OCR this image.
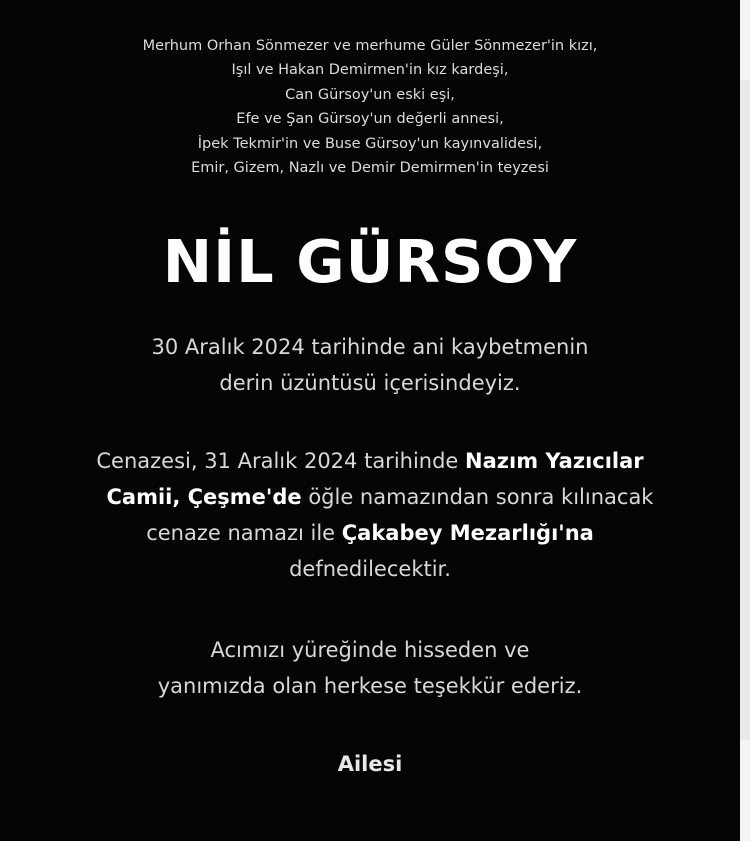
Merhum Orhan Sönmezer ve merhume Güler Sönmezer'in kızı,
Işıl ve Hakan Demirmen'in kız kardeşi,
Can Gürsoy'un eski eşi,
Efe ve Şan Gürsoy'un değerli annesi,
İpek Tekmir'in ve Buse Gürsoy'un kayınvalidesi,
Emir, Gizem, Nazlı ve Demir Demirmen'in teyzesi
NİL GÜRSOY
30 Aralık 2024 tarihinde ani kaybetmenin
derin üzüntüsü içerisindeyiz.
Cenazesi, 31 Aralık 2024 tarihinde Nazım Yazıcılar
Camii, Çeşme'de öğle namazından sonra kılınacak
cenaze namazı ile Çakabey Mezarlığı'na
defnedilecektir.
Acımızı yüreğinde hisseden ve
yanımızda olan herkese teşekkür ederiz.
Ailesi
